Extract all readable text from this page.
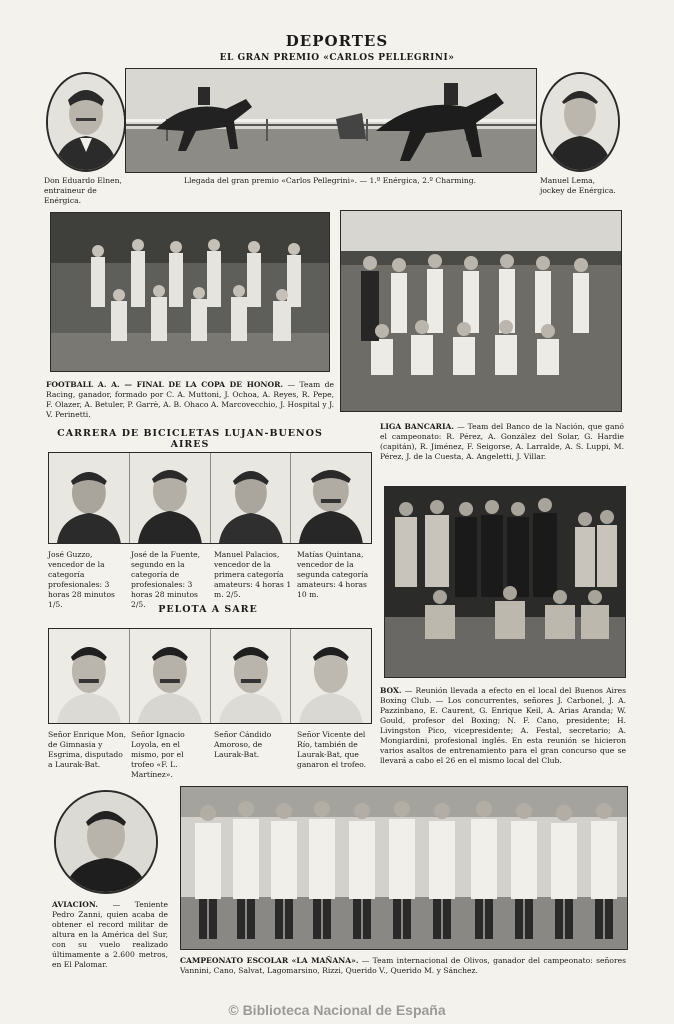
DEPORTES
EL GRAN PREMIO «CARLOS PELLEGRINI»
Don Eduardo Elnen, entraineur de Enérgica.
Llegada del gran premio «Carlos Pellegrini». — 1.º Enérgica, 2.º Charming.	Manuel Lema, jockey de Enérgica.
FOOTBALL A. A. — FINAL DE LA COPA DE HONOR. — Team de Racing, ganador, formado por C. A. Muttoni, J. Ochoa, A. Reyes, R. Pepe, F. Olazer, A. Betuler, P. Garrè, A. B. Ohaco A. Marcovecchio, J. Hospital y J. V. Perinetti.
CARRERA DE BICICLETAS LUJAN-BUENOS AIRES
LIGA BANCARIA. — Team del Banco de la Nación, que ganó el campeonato: R. Pérez, A. González del Solar, G. Hardie (capitán), R. Jiménez, F. Seigorse, A. Larralde, A. S. Luppi, M. Pérez, J. de la Cuesta, A. Angeletti, J. Villar.
José Guzzo, vencedor de la categoría profesionales: 3 horas 28 minutos 1/5.
José de la Fuente, segundo en la categoría de profesionales: 3 horas 28 minutos 2/5.
Manuel Palacios, vencedor de la primera categoría amateurs: 4 horas 1 m. 2/5.
Matías Quintana, vencedor de la segunda categoría amateurs: 4 horas 10 m.
PELOTA A SARE
Señor Enrique Mon, de Gimnasia y Esgrima, disputado a Laurak-Bat.
Señor Ignacio Loyola, en el mismo, por el trofeo «F. L. Martínez».
Señor Cándido Amoroso, de Laurak-Bat.
Señor Vicente del Río, también de Laurak-Bat, que ganaron el trofeo.
BOX. — Reunión llevada a efecto en el local del Buenos Aires Boxing Club. — Los concurrentes, señores J. Carbonel, J. A. Pazzinbano, E. Caurent, G. Enrique Keil, A. Arias Aranda; W. Gould, profesor del Boxing; N. F. Cano, presidente; H. Livingston Pico, vicepresidente; A. Festal, secretario; A. Mongiardini, profesional inglés. En esta reunión se hicieron varios asaltos de entrenamiento para el gran concurso que se llevará a cabo el 26 en el mismo local del Club.
AVIACION. — Teniente Pedro Zanni, quien acaba de obtener el record militar de altura en la América del Sur, con su vuelo realizado últimamente a 2.600 metros, en El Palomar.	CAMPEONATO ESCOLAR «LA MAÑANA». — Team internacional de Olivos, ganador del campeonato: señores Vannini, Cano, Salvat, Lagomarsino, Rizzi, Querido V., Querido M. y Sánchez.
© Biblioteca Nacional de España
